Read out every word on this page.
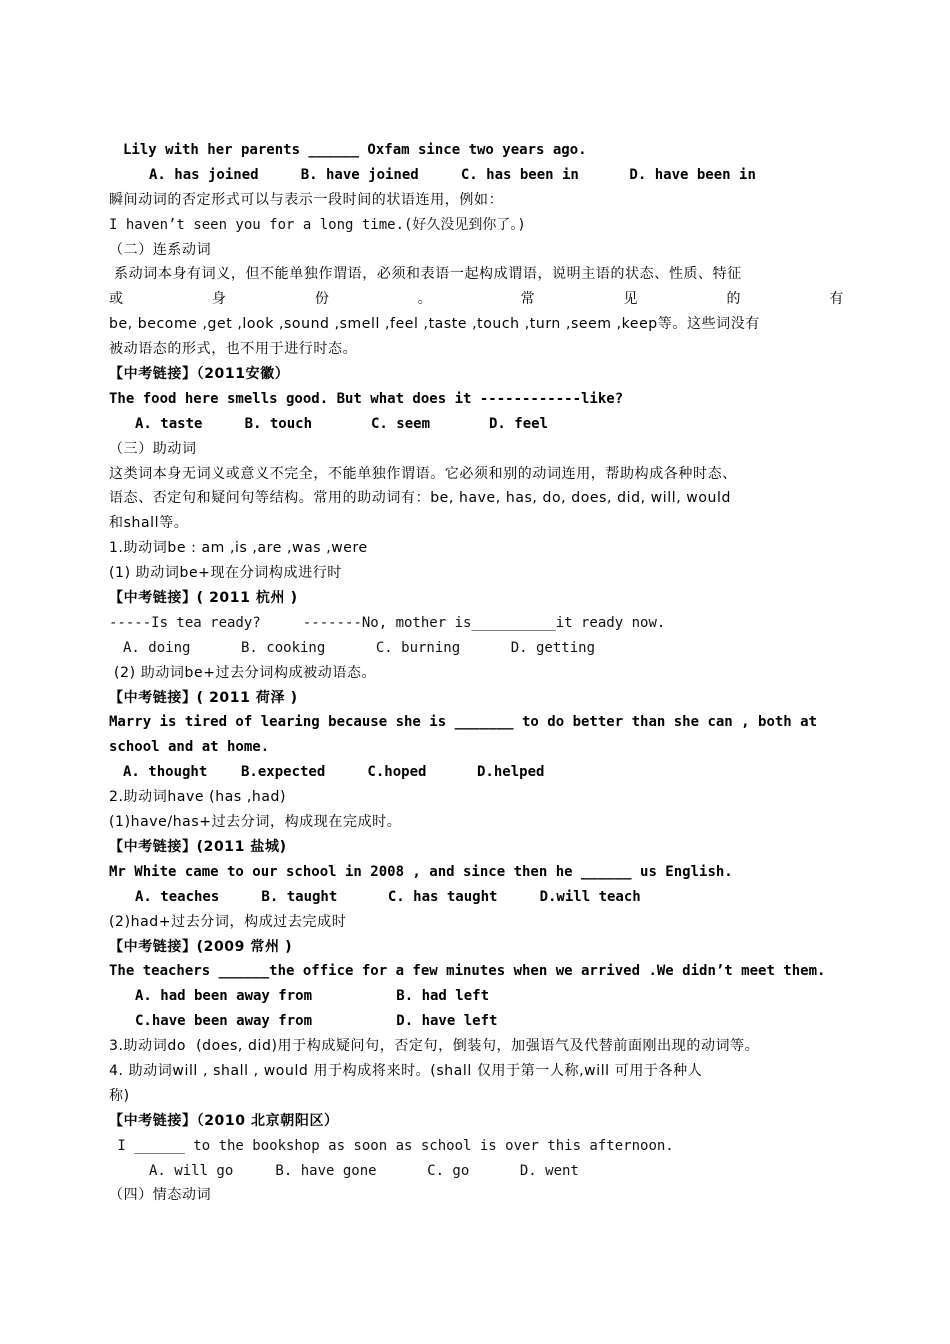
Lily with her parents ______ Oxfam since two years ago.
A. has joined     B. have joined     C. has been in      D. have been in
瞬间动词的否定形式可以与表示一段时间的状语连用，例如：
I haven’t seen you for a long time.(好久没见到你了。)
（二）连系动词
系动词本身有词义，但不能单独作谓语，必须和表语一起构成谓语，说明主语的状态、性质、特征
或	身	份	。	常	见	的	有
be, become ,get ,look ,sound ,smell ,feel ,taste ,touch ,turn ,seem ,keep等。这些词没有
被动语态的形式，也不用于进行时态。
【中考链接】（2011安徽）
The food here smells good. But what does it ------------like?
A. taste     B. touch       C. seem       D. feel
（三）助动词
这类词本身无词义或意义不完全，不能单独作谓语。它必须和别的动词连用，帮助构成各种时态、
语态、否定句和疑问句等结构。常用的助动词有：be, have, has, do, does, did, will, would
和shall等。
1.助动词be : am ,is ,are ,was ,were
(1) 助动词be+现在分词构成进行时
【中考链接】( 2011 杭州 )
-----Is tea ready?     -------No, mother is__________it ready now.
A. doing      B. cooking      C. burning      D. getting
(2) 助动词be+过去分词构成被动语态。
【中考链接】( 2011 荷泽 )
Marry is tired of learing because she is _______ to do better than she can , both at
school and at home.
A. thought    B.expected     C.hoped      D.helped
2.助动词have (has ,had)
(1)have/has+过去分词，构成现在完成时。
【中考链接】(2011 盐城)
Mr White came to our school in 2008 , and since then he ______ us English.
A. teaches     B. taught      C. has taught     D.will teach
(2)had+过去分词，构成过去完成时
【中考链接】(2009 常州 )
The teachers ______the office for a few minutes when we arrived .We didn’t meet them.
A. had been away from          B. had left
C.have been away from          D. have left
3.助动词do  (does, did)用于构成疑问句，否定句，倒装句，加强语气及代替前面刚出现的动词等。
4. 助动词will , shall , would 用于构成将来时。(shall 仅用于第一人称,will 可用于各种人
称)
【中考链接】（2010 北京朝阳区）
I ______ to the bookshop as soon as school is over this afternoon.
A. will go     B. have gone      C. go      D. went
（四）情态动词
